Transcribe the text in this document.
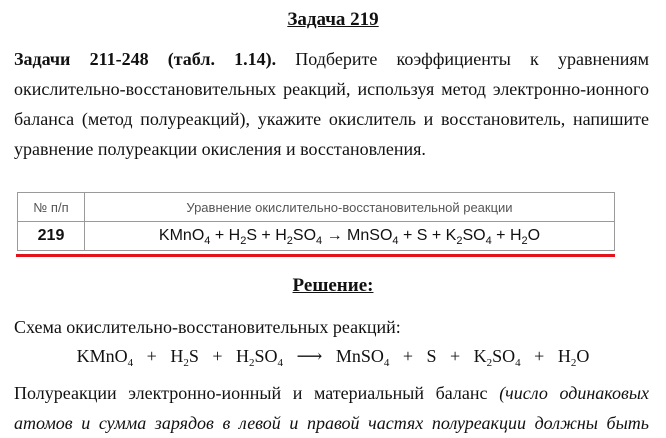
Задача 219
Задачи 211-248 (табл. 1.14). Подберите коэффициенты к уравнениям
окислительно-восстановительных реакций, используя метод электронно-ионного
баланса (метод полуреакций), укажите окислитель и восстановитель, напишите
уравнение полуреакции окисления и восстановления.
№ п/п	Уравнение окислительно-восстановительной реакции
219	KMnO$_4$ + $H_2S + H_2SO_4$ → MnSO$_4$ + $S + K_2SO_4 + H_2O$
Решение:
Схема окислительно-восстановительных реакций:
KMnO$_4$   +   $H_2S + H_2SO_4$   ⟶   MnSO$_4$   +   $S + K_2SO_4 + H_2O$
Полуреакции электронно-ионный и материальный баланс (число одинаковых
атомов и сумма зарядов в левой и правой частях полуреакции должны быть
